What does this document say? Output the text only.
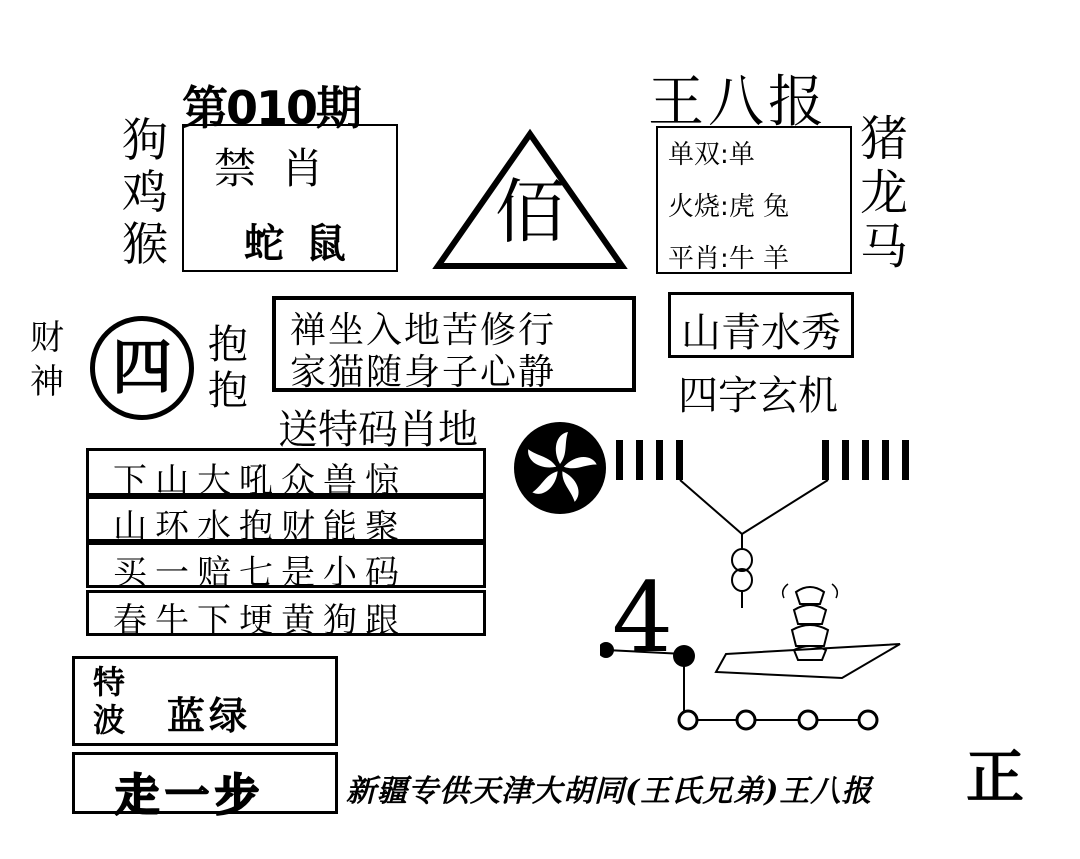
第010期	王八报
狗
鸡
猴
禁 肖
蛇 鼠 佰
单双:单
火烧:虎 兔
平肖:牛 羊
猪
龙
马
财
神 四 抱
抱
禅坐入地苦修行
家猫随身子心静
山青水秀
四字玄机
送特码肖地
下山大吼众兽惊
山环水抱财能聚
买一赔七是小码
春牛下埂黄狗跟
特
波 蓝绿
走一步
4
新疆专供天津大胡同(王氏兄弟)王八报 正
